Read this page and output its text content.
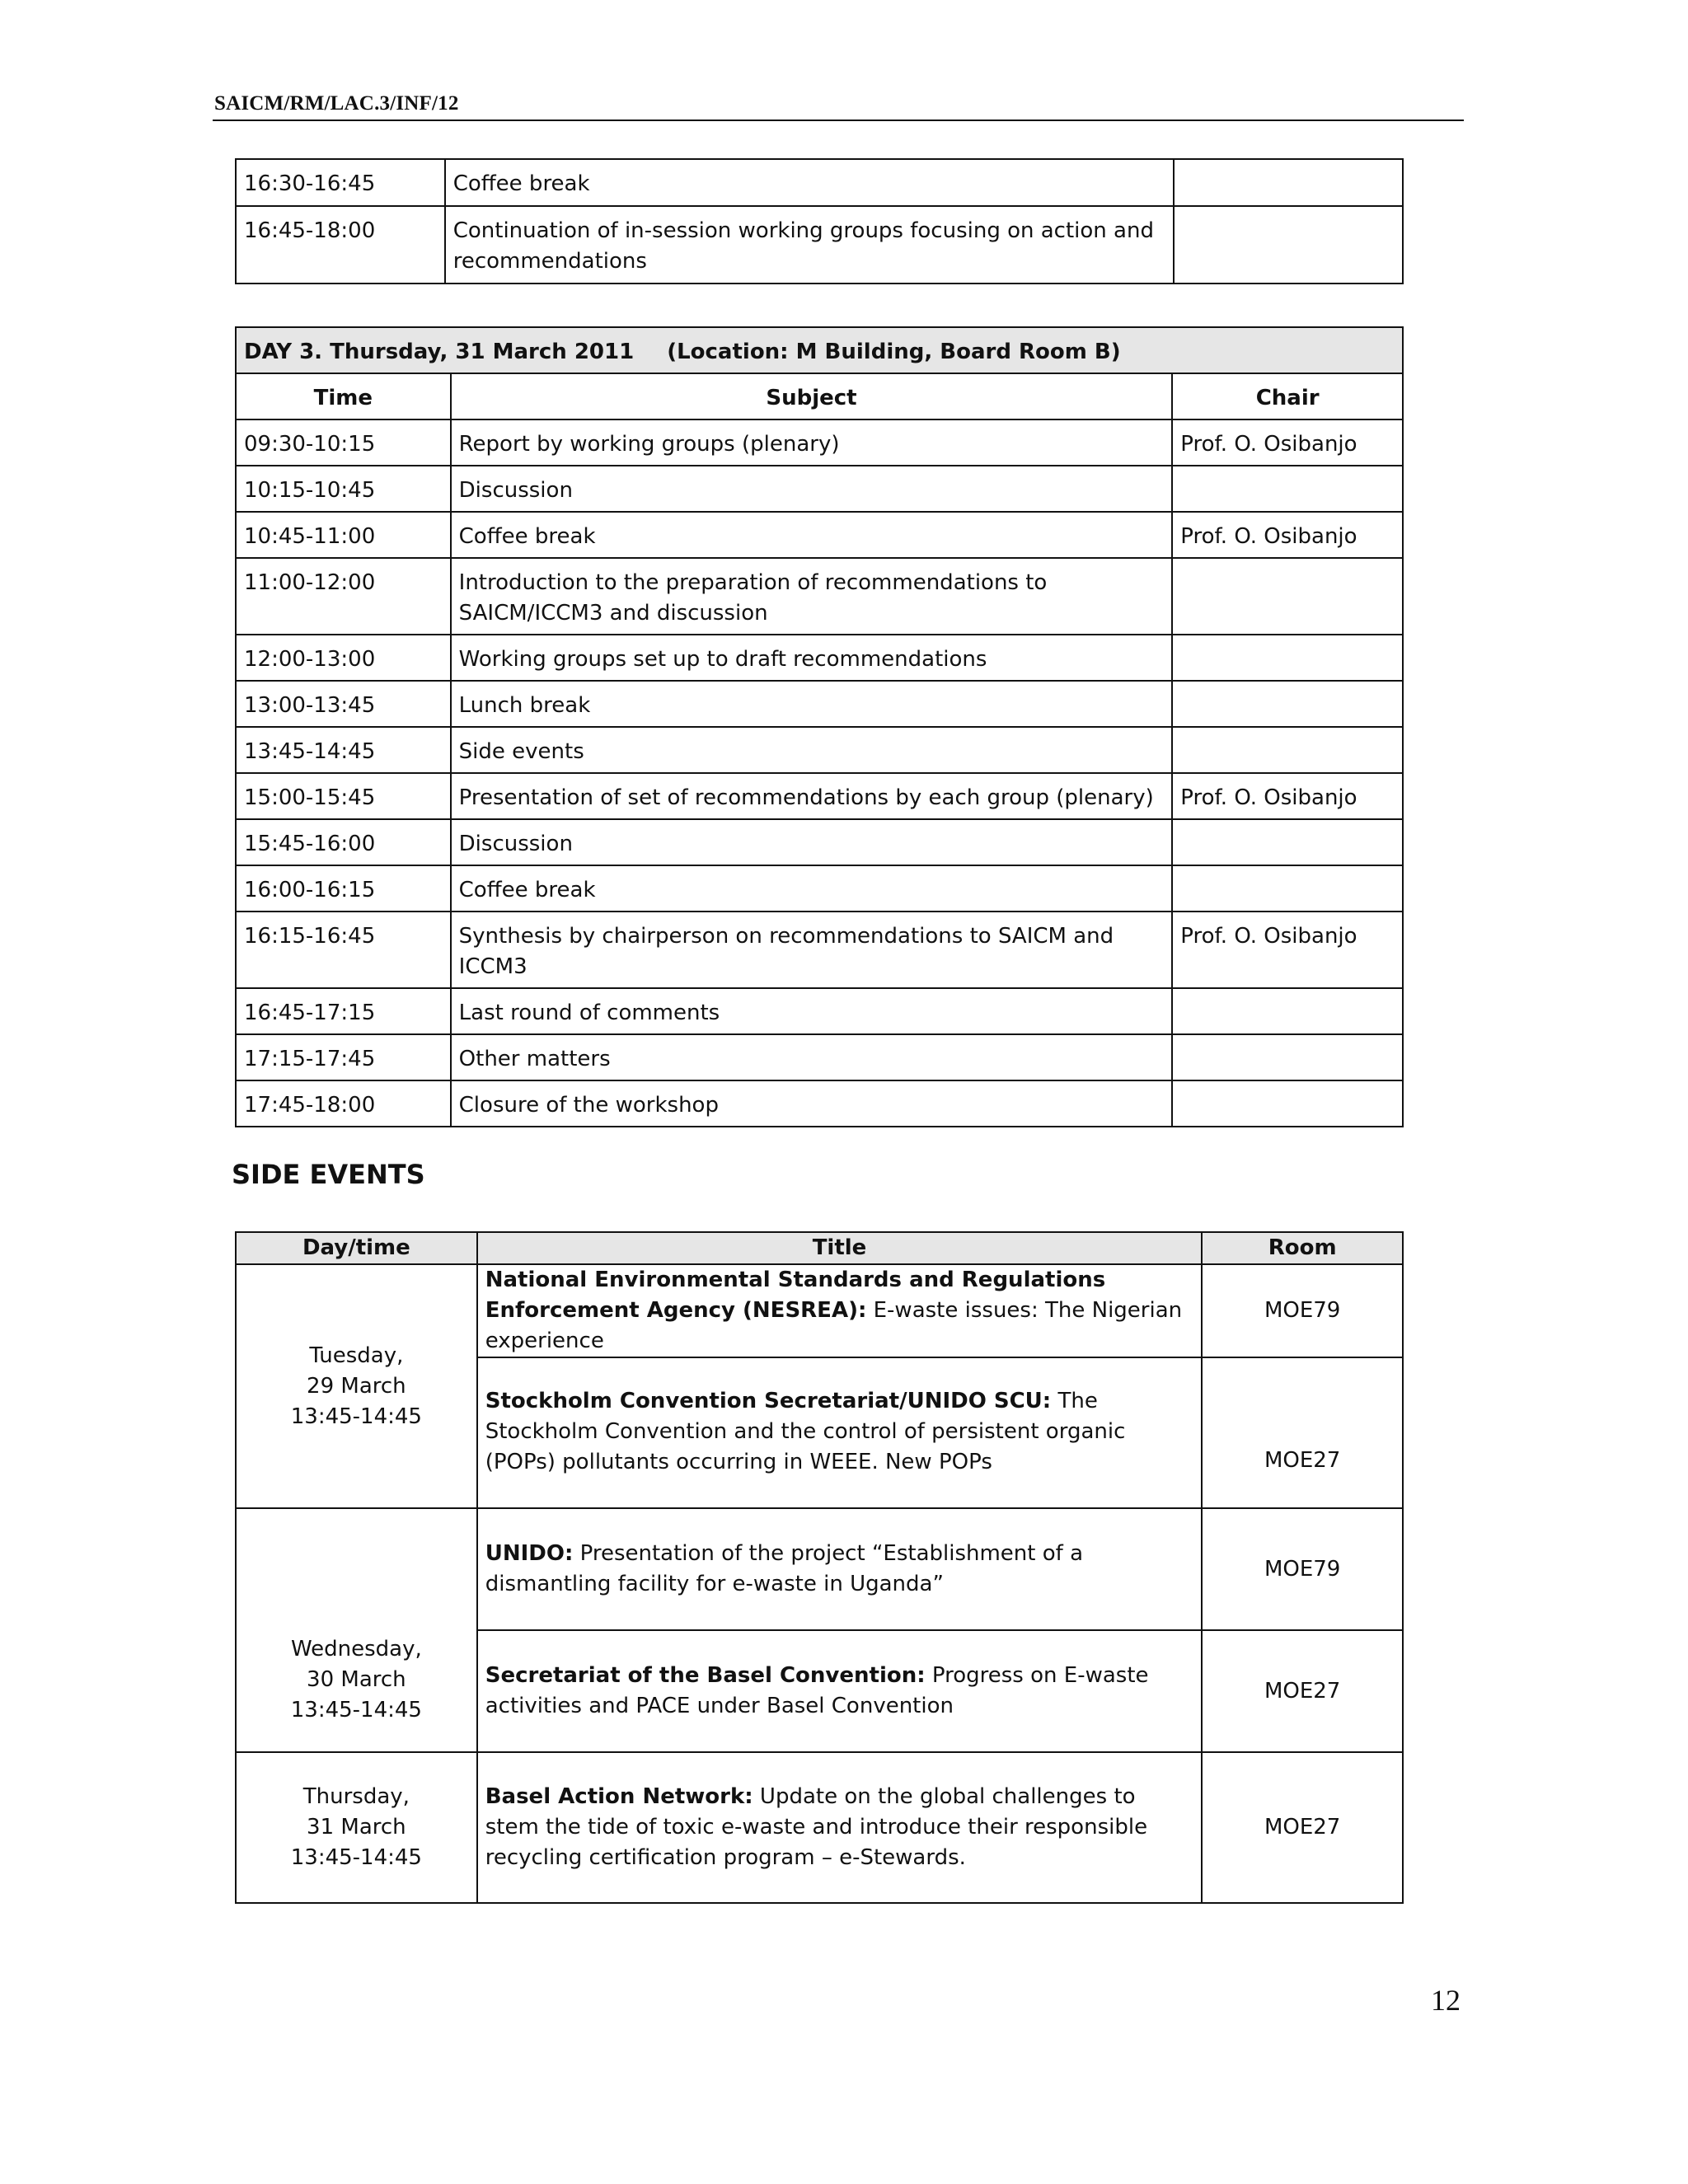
SAICM/RM/LAC.3/INF/12
16:30-16:45	Coffee break	
16:45-18:00	Continuation of in-session working groups focusing on action and recommendations	
DAY 3. Thursday, 31 March 2011 (Location: M Building, Board Room B)		
Time	Subject	Chair
09:30-10:15	Report by working groups (plenary)	Prof. O. Osibanjo
10:15-10:45	Discussion	
10:45-11:00	Coffee break	Prof. O. Osibanjo
11:00-12:00	Introduction to the preparation of recommendations to SAICM/ICCM3 and discussion	
12:00-13:00	Working groups set up to draft recommendations	
13:00-13:45	Lunch break	
13:45-14:45	Side events	
15:00-15:45	Presentation of set of recommendations by each group (plenary)	Prof. O. Osibanjo
15:45-16:00	Discussion	
16:00-16:15	Coffee break	
16:15-16:45	Synthesis by chairperson on recommendations to SAICM and ICCM3	Prof. O. Osibanjo
16:45-17:15	Last round of comments	
17:15-17:45	Other matters	
17:45-18:00	Closure of the workshop	
SIDE EVENTS
Day/time	Title	Room

Tuesday,
29 March
13:45-14:45	National Environmental Standards and Regulations Enforcement Agency (NESREA): E-waste issues: The Nigerian experience	MOE79
	Stockholm Convention Secretariat/UNIDO SCU: The Stockholm Convention and the control of persistent organic (POPs) pollutants occurring in WEEE. New POPs	MOE27

Wednesday,
30 March
13:45-14:45	UNIDO: Presentation of the project “Establishment of a dismantling facility for e-waste in Uganda”	MOE79
	Secretariat of the Basel Convention: Progress on E-waste activities and PACE under Basel Convention	MOE27

Thursday,
31 March
13:45-14:45	Basel Action Network: Update on the global challenges to stem the tide of toxic e-waste and introduce their responsible recycling certification program – e-Stewards.	MOE27
12
